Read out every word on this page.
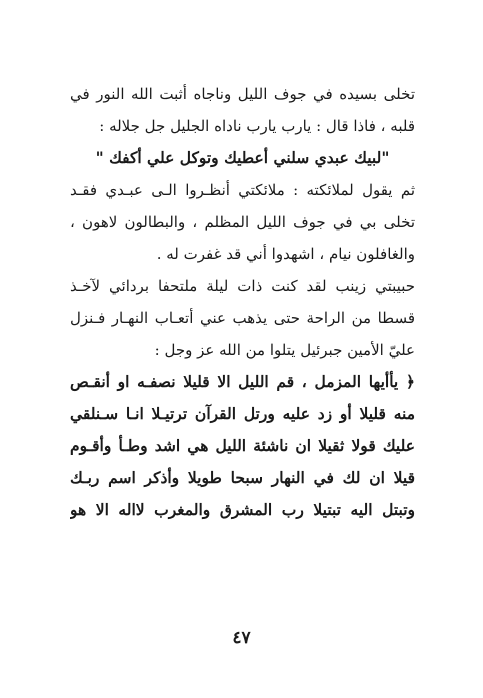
تخلى بسيده في جوف الليل وناجاه أثبت الله النور في
قلبه ، فاذا قال : يارب يارب ناداه الجليل جل جلاله :
"لبيك عبدي سلني أعطيك وتوكل علي أكفك "
ثم يقول لملائكته : ملائكتي أنظـروا الـى عبـدي فقـد
تخلى بي في جوف الليل المظلم ، والبطالون لاهون ،
والغافلون نيام ، اشهدوا أني قد غفرت له .
حبيبتي زينب لقد كنت ذات ليلة ملتحفا بردائي لآخـذ
قسطا من الراحة حتى يذهب عني أتعـاب النهـار فـنزل
عليّ الأمين جبرئيل يتلوا من الله عز وجل :
﴿ يأأيها المزمل ، قم الليل الا قليلا نصفـه او أنقـص
منه قليلا أو زد عليه ورتل القرآن ترتيـلا انـا سـنلقي
عليك قولا ثقيلا ان ناشئة الليل هي اشد وطـأ وأقـوم
قيلا ان لك في النهار سبحا طويلا وأذكر اسم ربـك
وتبتل اليه تبتيلا رب المشرق والمغرب لااله الا هو
٤٧
